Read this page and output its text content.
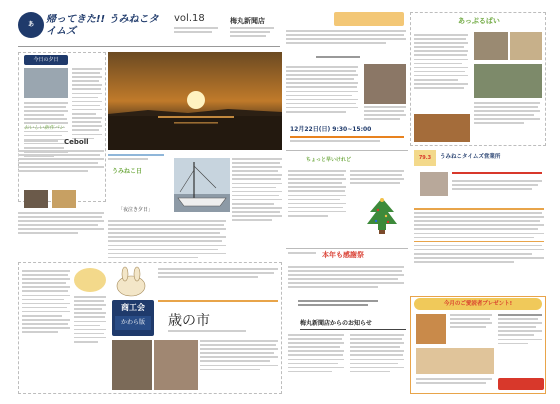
あ	帰ってきた!! うみねこタイムズ
vol.18	梅丸新聞店
今日の夕日
うみねこ日
「夜泣き夕日」
おいしい新作パン
Ceboll
商工会
かわら版	歳の市
12月22日(日) 9:30~15:00
ちょっと早いけれど
本年も感謝祭
梅丸新聞店からのお知らせ
あっぷるばい
79.3	うみねこタイムズ営業所
今月のご愛読者プレゼント!
